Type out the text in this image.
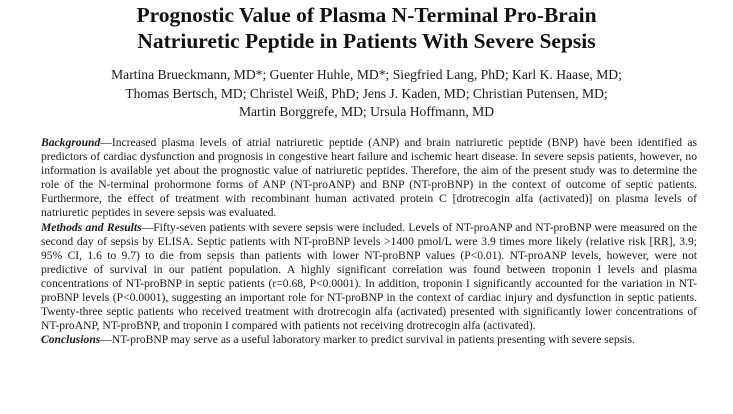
Prognostic Value of Plasma N-Terminal Pro-Brain
Natriuretic Peptide in Patients With Severe Sepsis
Martina Brueckmann, MD*; Guenter Huhle, MD*; Siegfried Lang, PhD; Karl K. Haase, MD;
Thomas Bertsch, MD; Christel Weiß, PhD; Jens J. Kaden, MD; Christian Putensen, MD;
Martin Borggrefe, MD; Ursula Hoffmann, MD

Background—Increased plasma levels of atrial natriuretic peptide (ANP) and brain natriuretic peptide (BNP) have been identified as predictors of cardiac dysfunction and prognosis in congestive heart failure and ischemic heart disease. In severe sepsis patients, however, no information is available yet about the prognostic value of natriuretic peptides. Therefore, the aim of the present study was to determine the role of the N-terminal prohormone forms of ANP (NT-proANP) and BNP (NT-proBNP) in the context of outcome of septic patients. Furthermore, the effect of treatment with recombinant human activated protein C [drotrecogin alfa (activated)] on plasma levels of natriuretic peptides in severe sepsis was evaluated.

Methods and Results—Fifty-seven patients with severe sepsis were included. Levels of NT-proANP and NT-proBNP were measured on the second day of sepsis by ELISA. Septic patients with NT-proBNP levels >1400 pmol/L were 3.9 times more likely (relative risk [RR], 3.9; 95% CI, 1.6 to 9.7) to die from sepsis than patients with lower NT-proBNP values (P<0.01). NT-proANP levels, however, were not predictive of survival in our patient population. A highly significant correlation was found between troponin I levels and plasma concentrations of NT-proBNP in septic patients (r=0.68, P<0.0001). In addition, troponin I significantly accounted for the variation in NT-proBNP levels (P<0.0001), suggesting an important role for NT-proBNP in the context of cardiac injury and dysfunction in septic patients. Twenty-three septic patients who received treatment with drotrecogin alfa (activated) presented with significantly lower concentrations of NT-proANP, NT-proBNP, and troponin I compared with patients not receiving drotrecogin alfa (activated).

Conclusions—NT-proBNP may serve as a useful laboratory marker to predict survival in patients presenting with severe sepsis.
